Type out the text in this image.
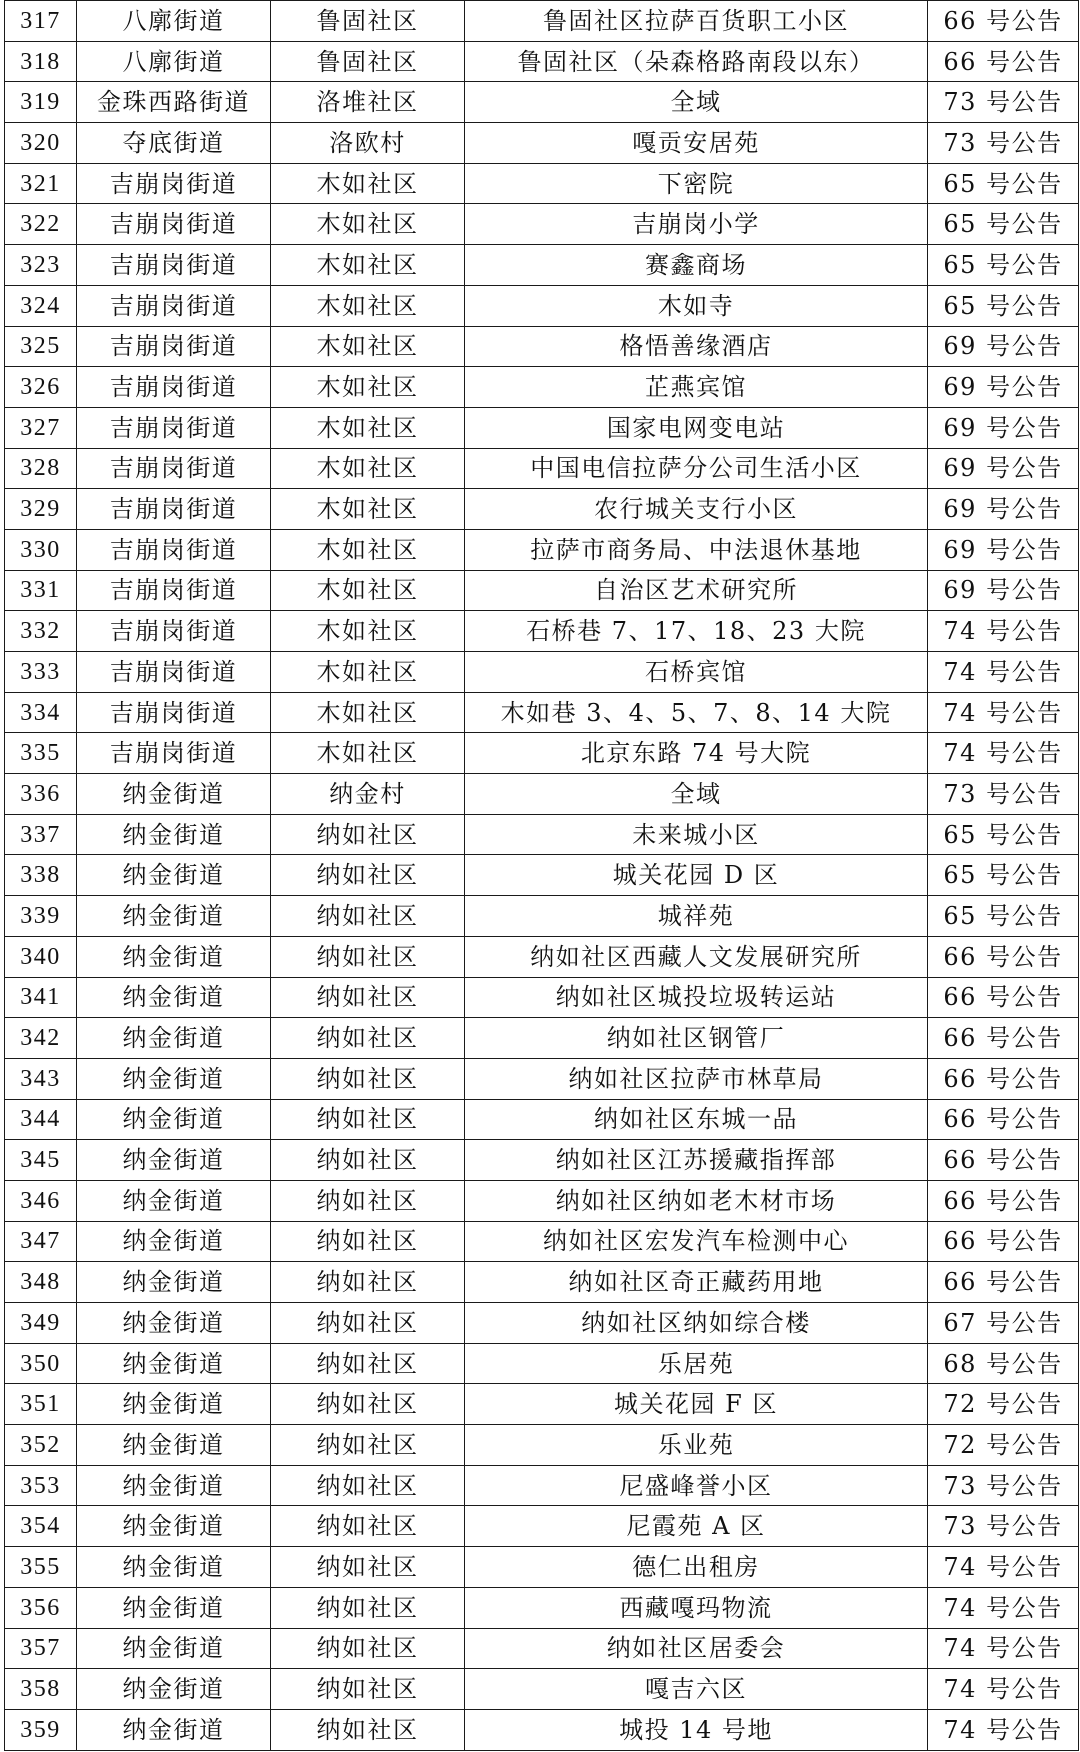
317	八廓街道	鲁固社区	鲁固社区拉萨百货职工小区	66 号公告
318	八廓街道	鲁固社区	鲁固社区（朵森格路南段以东）	66 号公告
319	金珠西路街道	洛堆社区	全域	73 号公告
320	夺底街道	洛欧村	嘎贡安居苑	73 号公告
321	吉崩岗街道	木如社区	下密院	65 号公告
322	吉崩岗街道	木如社区	吉崩岗小学	65 号公告
323	吉崩岗街道	木如社区	赛鑫商场	65 号公告
324	吉崩岗街道	木如社区	木如寺	65 号公告
325	吉崩岗街道	木如社区	格悟善缘酒店	69 号公告
326	吉崩岗街道	木如社区	芷燕宾馆	69 号公告
327	吉崩岗街道	木如社区	国家电网变电站	69 号公告
328	吉崩岗街道	木如社区	中国电信拉萨分公司生活小区	69 号公告
329	吉崩岗街道	木如社区	农行城关支行小区	69 号公告
330	吉崩岗街道	木如社区	拉萨市商务局、中法退休基地	69 号公告
331	吉崩岗街道	木如社区	自治区艺术研究所	69 号公告
332	吉崩岗街道	木如社区	石桥巷 7、17、18、23 大院	74 号公告
333	吉崩岗街道	木如社区	石桥宾馆	74 号公告
334	吉崩岗街道	木如社区	木如巷 3、4、5、7、8、14 大院	74 号公告
335	吉崩岗街道	木如社区	北京东路 74 号大院	74 号公告
336	纳金街道	纳金村	全域	73 号公告
337	纳金街道	纳如社区	未来城小区	65 号公告
338	纳金街道	纳如社区	城关花园 D 区	65 号公告
339	纳金街道	纳如社区	城祥苑	65 号公告
340	纳金街道	纳如社区	纳如社区西藏人文发展研究所	66 号公告
341	纳金街道	纳如社区	纳如社区城投垃圾转运站	66 号公告
342	纳金街道	纳如社区	纳如社区钢管厂	66 号公告
343	纳金街道	纳如社区	纳如社区拉萨市林草局	66 号公告
344	纳金街道	纳如社区	纳如社区东城一品	66 号公告
345	纳金街道	纳如社区	纳如社区江苏援藏指挥部	66 号公告
346	纳金街道	纳如社区	纳如社区纳如老木材市场	66 号公告
347	纳金街道	纳如社区	纳如社区宏发汽车检测中心	66 号公告
348	纳金街道	纳如社区	纳如社区奇正藏药用地	66 号公告
349	纳金街道	纳如社区	纳如社区纳如综合楼	67 号公告
350	纳金街道	纳如社区	乐居苑	68 号公告
351	纳金街道	纳如社区	城关花园 F 区	72 号公告
352	纳金街道	纳如社区	乐业苑	72 号公告
353	纳金街道	纳如社区	尼盛峰誉小区	73 号公告
354	纳金街道	纳如社区	尼霞苑 A 区	73 号公告
355	纳金街道	纳如社区	德仁出租房	74 号公告
356	纳金街道	纳如社区	西藏嘎玛物流	74 号公告
357	纳金街道	纳如社区	纳如社区居委会	74 号公告
358	纳金街道	纳如社区	嘎吉六区	74 号公告
359	纳金街道	纳如社区	城投 14 号地	74 号公告
